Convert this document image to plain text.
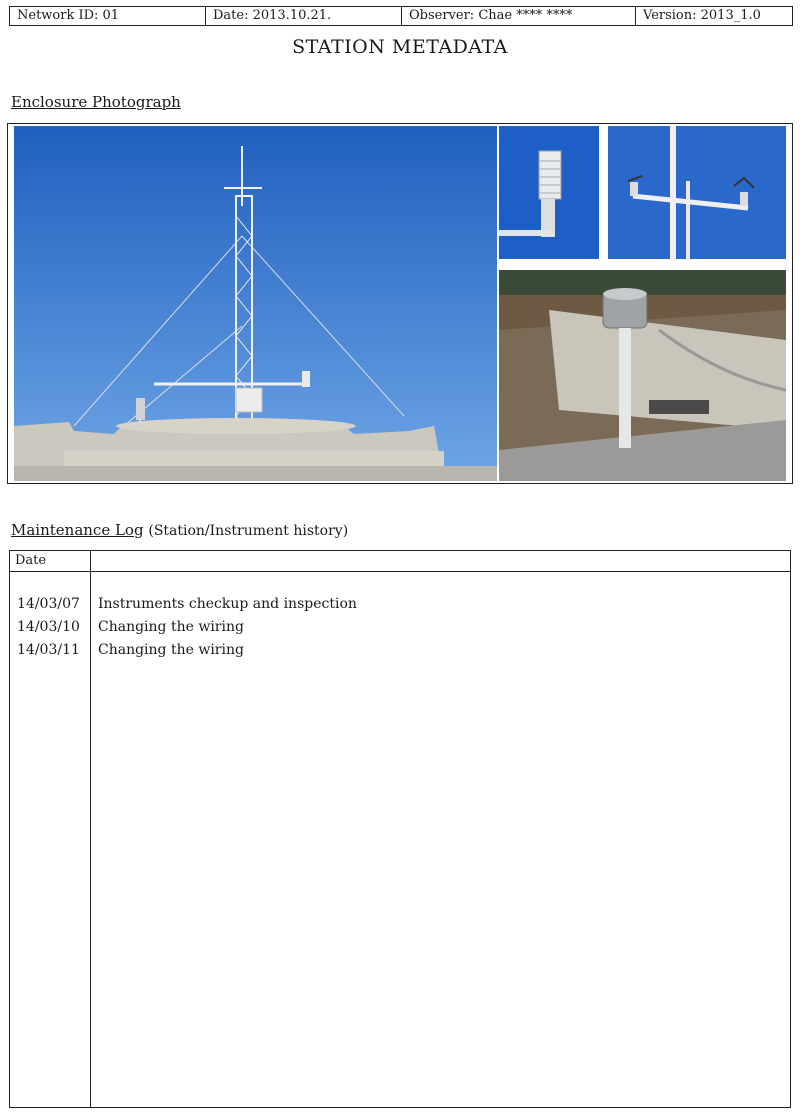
Network ID: 01	Date: 2013.10.21.	Observer: Chae **** ****	Version: 2013_1.0
STATION METADATA
Enclosure Photograph
Maintenance Log (Station/Instrument history)
Date
14/03/07	Instruments checkup and inspection
14/03/10	Changing the wiring
14/03/11	Changing the wiring
